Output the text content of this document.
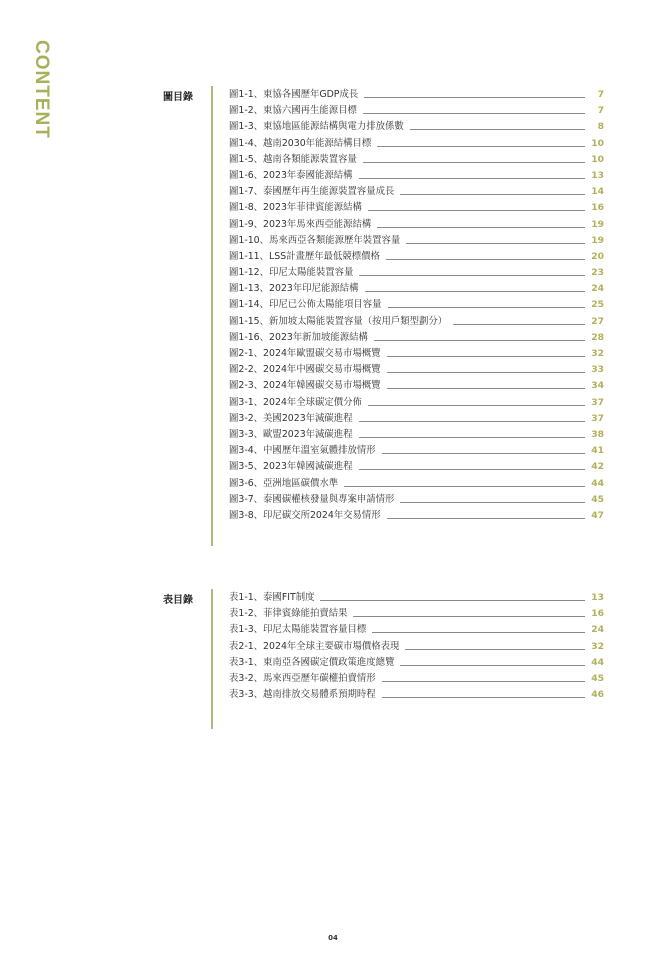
CONTENT	圖目錄	圖1-1、東協各國歷年GDP成長	7
圖1-2、東協六國再生能源目標	7
圖1-3、東協地區能源結構與電力排放係數	8
圖1-4、越南2030年能源結構目標	10
圖1-5、越南各類能源裝置容量	10
圖1-6、2023年泰國能源結構	13
圖1-7、泰國歷年再生能源裝置容量成長	14
圖1-8、2023年菲律賓能源結構	16
圖1-9、2023年馬來西亞能源結構	19
圖1-10、馬來西亞各類能源歷年裝置容量	19
圖1-11、LSS計畫歷年最低競標價格	20
圖1-12、印尼太陽能裝置容量	23
圖1-13、2023年印尼能源結構	24
圖1-14、印尼已公佈太陽能項目容量	25
圖1-15、新加坡太陽能裝置容量（按用戶類型劃分）	27
圖1-16、2023年新加坡能源結構	28
圖2-1、2024年歐盟碳交易市場概覽	32
圖2-2、2024年中國碳交易市場概覽	33
圖2-3、2024年韓國碳交易市場概覽	34
圖3-1、2024年全球碳定價分佈	37
圖3-2、美國2023年減碳進程	37
圖3-3、歐盟2023年減碳進程	38
圖3-4、中國歷年溫室氣體排放情形	41
圖3-5、2023年韓國減碳進程	42
圖3-6、亞洲地區碳價水準	44
圖3-7、泰國碳權核發量與專案申請情形	45
圖3-8、印尼碳交所2024年交易情形	47
表目錄	表1-1、泰國FIT制度	13
表1-2、菲律賓綠能拍賣結果	16
表1-3、印尼太陽能裝置容量目標	24
表2-1、2024年全球主要碳市場價格表現	32
表3-1、東南亞各國碳定價政策進度總覽	44
表3-2、馬來西亞歷年碳權拍賣情形	45
表3-3、越南排放交易體系預期時程	46
04
